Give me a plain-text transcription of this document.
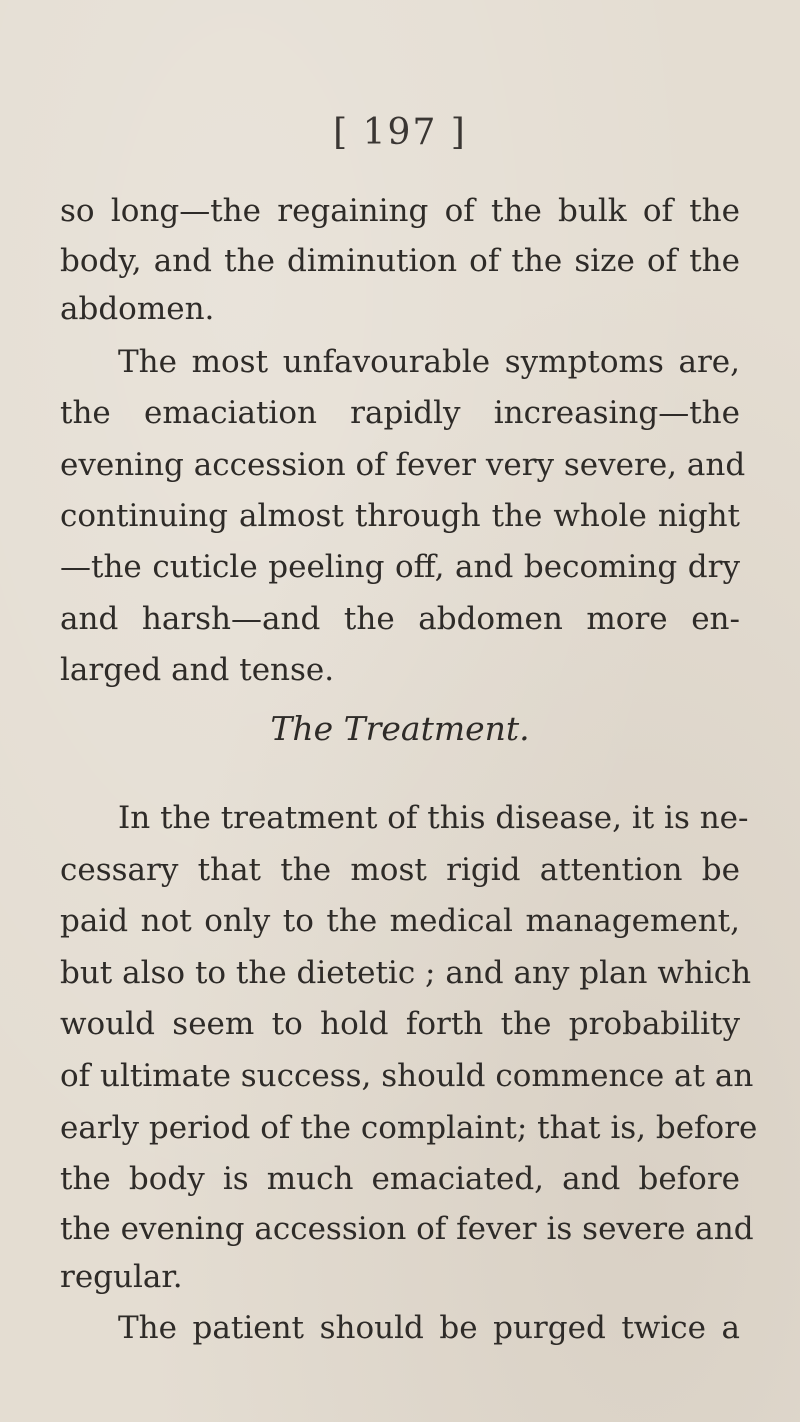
[ 197 ]
so long—the regaining of the bulk of the
body, and the diminution of the size of the
abdomen.
The most unfavourable symptoms are,
the emaciation rapidly increasing—the
evening accession of fever very severe, and
continuing almost through the whole night
—the cuticle peeling off, and becoming dry
and harsh—and the abdomen more en-
larged and tense.
The Treatment.
In the treatment of this disease, it is ne-
cessary that the most rigid attention be
paid not only to the medical management,
but also to the dietetic ; and any plan which
would seem to hold forth the probability
of ultimate success, should commence at an
early period of the complaint; that is, before
the body is much emaciated, and before
the evening accession of fever is severe and
regular.
The patient should be purged twice a
